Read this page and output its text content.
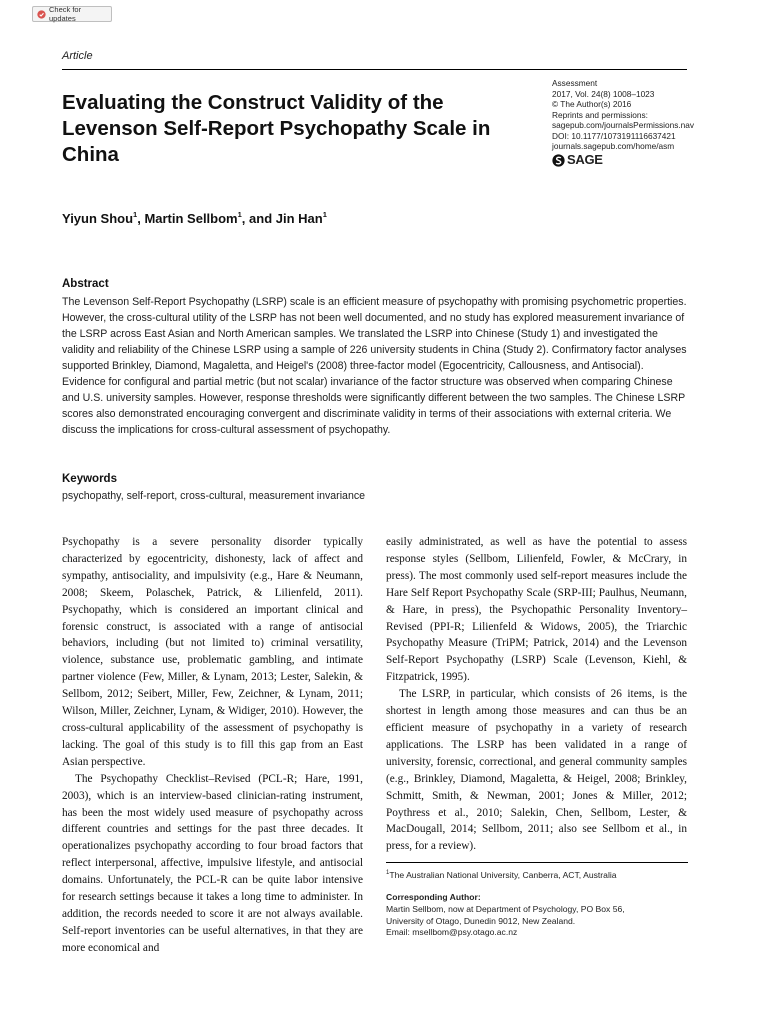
Check for updates
Article
Evaluating the Construct Validity of the Levenson Self-Report Psychopathy Scale in China
Assessment
2017, Vol. 24(8) 1008–1023
© The Author(s) 2016
Reprints and permissions:
sagepub.com/journalsPermissions.nav
DOI: 10.1177/1073191116637421
journals.sagepub.com/home/asm
SAGE
Yiyun Shou$^1$, Martin Sellbom$^1$, and Jin Han$^1$
Abstract

The Levenson Self-Report Psychopathy (LSRP) scale is an efficient measure of psychopathy with promising psychometric properties. However, the cross-cultural utility of the LSRP has not been well documented, and no study has explored measurement invariance of the LSRP across East Asian and North American samples. We translated the LSRP into Chinese (Study 1) and investigated the validity and reliability of the Chinese LSRP using a sample of 226 university students in China (Study 2). Confirmatory factor analyses supported Brinkley, Diamond, Magaletta, and Heigel's (2008) three-factor model (Egocentricity, Callousness, and Antisocial). Evidence for configural and partial metric (but not scalar) invariance of the factor structure was observed when comparing Chinese and U.S. university samples. However, response thresholds were significantly different between the two samples. The Chinese LSRP scores also demonstrated encouraging convergent and discriminate validity in terms of their associations with external criteria. We discuss the implications for cross-cultural assessment of psychopathy.

Keywords
psychopathy, self-report, cross-cultural, measurement invariance

Psychopathy is a severe personality disorder typically characterized by egocentricity, dishonesty, lack of affect and sympathy, antisociality, and impulsivity (e.g., Hare & Neumann, 2008; Skeem, Polaschek, Patrick, & Lilienfeld, 2011). Psychopathy, which is considered an important clinical and forensic construct, is associated with a range of antisocial behaviors, including (but not limited to) criminal versatility, violence, substance use, problematic gambling, and intimate partner violence (Few, Miller, & Lynam, 2013; Lester, Salekin, & Sellbom, 2012; Seibert, Miller, Few, Zeichner, & Lynam, 2011; Wilson, Miller, Zeichner, Lynam, & Widiger, 2010). However, the cross-cultural applicability of the assessment of psychopathy is lacking. The goal of this study is to fill this gap from an East Asian perspective.

The Psychopathy Checklist–Revised (PCL-R; Hare, 1991, 2003), which is an interview-based clinician-rating instrument, has been the most widely used measure of psychopathy across different countries and settings for the past three decades. It operationalizes psychopathy according to four broad factors that reflect interpersonal, affective, impulsive lifestyle, and antisocial domains. Unfortunately, the PCL-R can be quite labor intensive for research settings because it takes a long time to administer. In addition, the records needed to score it are not always available. Self-report inventories can be useful alternatives, in that they are more economical and

easily administrated, as well as have the potential to assess response styles (Sellbom, Lilienfeld, Fowler, & McCrary, in press). The most commonly used self-report measures include the Hare Self Report Psychopathy Scale (SRP-III; Paulhus, Neumann, & Hare, in press), the Psychopathic Personality Inventory–Revised (PPI-R; Lilienfeld & Widows, 2005), the Triarchic Psychopathy Measure (TriPM; Patrick, 2014) and the Levenson Self-Report Psychopathy (LSRP) Scale (Levenson, Kiehl, & Fitzpatrick, 1995).

The LSRP, in particular, which consists of 26 items, is the shortest in length among those measures and can thus be an efficient measure of psychopathy in a variety of research applications. The LSRP has been validated in a range of university, forensic, correctional, and general community samples (e.g., Brinkley, Diamond, Magaletta, & Heigel, 2008; Brinkley, Schmitt, Smith, & Newman, 2001; Jones & Miller, 2012; Poythress et al., 2010; Salekin, Chen, Sellbom, Lester, & MacDougall, 2014; Sellbom, 2011; also see Sellbom et al., in press, for a review).

$^1$The Australian National University, Canberra, ACT, Australia
Corresponding Author:
Martin Sellbom, now at Department of Psychology, PO Box 56,
University of Otago, Dunedin 9012, New Zealand.
Email: msellbom@psy.otago.ac.nz
